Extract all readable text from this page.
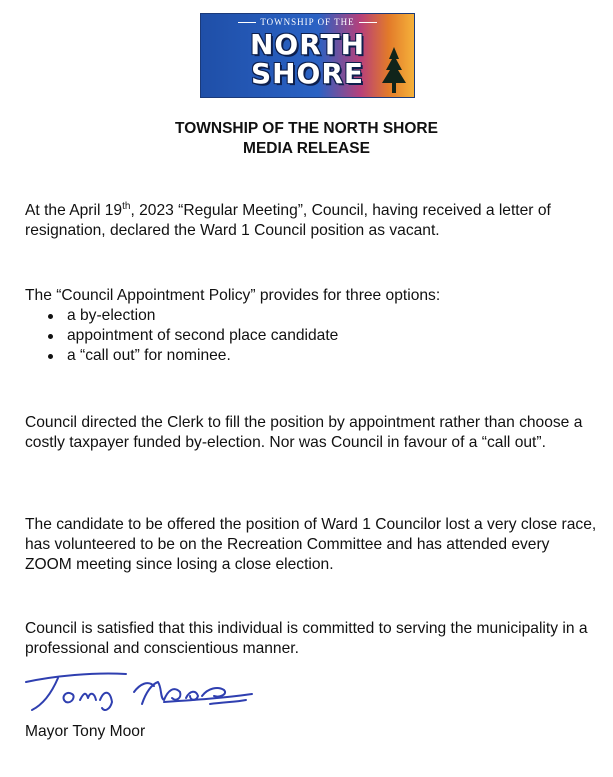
TOWNSHIP OF THE
NORTH
SHORE
TOWNSHIP OF THE NORTH SHORE
MEDIA RELEASE

At the April 19th, 2023 “Regular Meeting”, Council, having received a letter of resignation, declared the Ward 1 Council position as vacant.

The “Council Appointment Policy” provides for three options:

a by-election
appointment of second place candidate
a “call out” for nominee.

Council directed the Clerk to fill the position by appointment rather than choose a costly taxpayer funded by-election. Nor was Council in favour of a “call out”.

The candidate to be offered the position of Ward 1 Councilor lost a very close race, has volunteered to be on the Recreation Committee and has attended every ZOOM meeting since losing a close election.

Council is satisfied that this individual is committed to serving the municipality in a professional and conscientious manner.

Mayor Tony Moor
